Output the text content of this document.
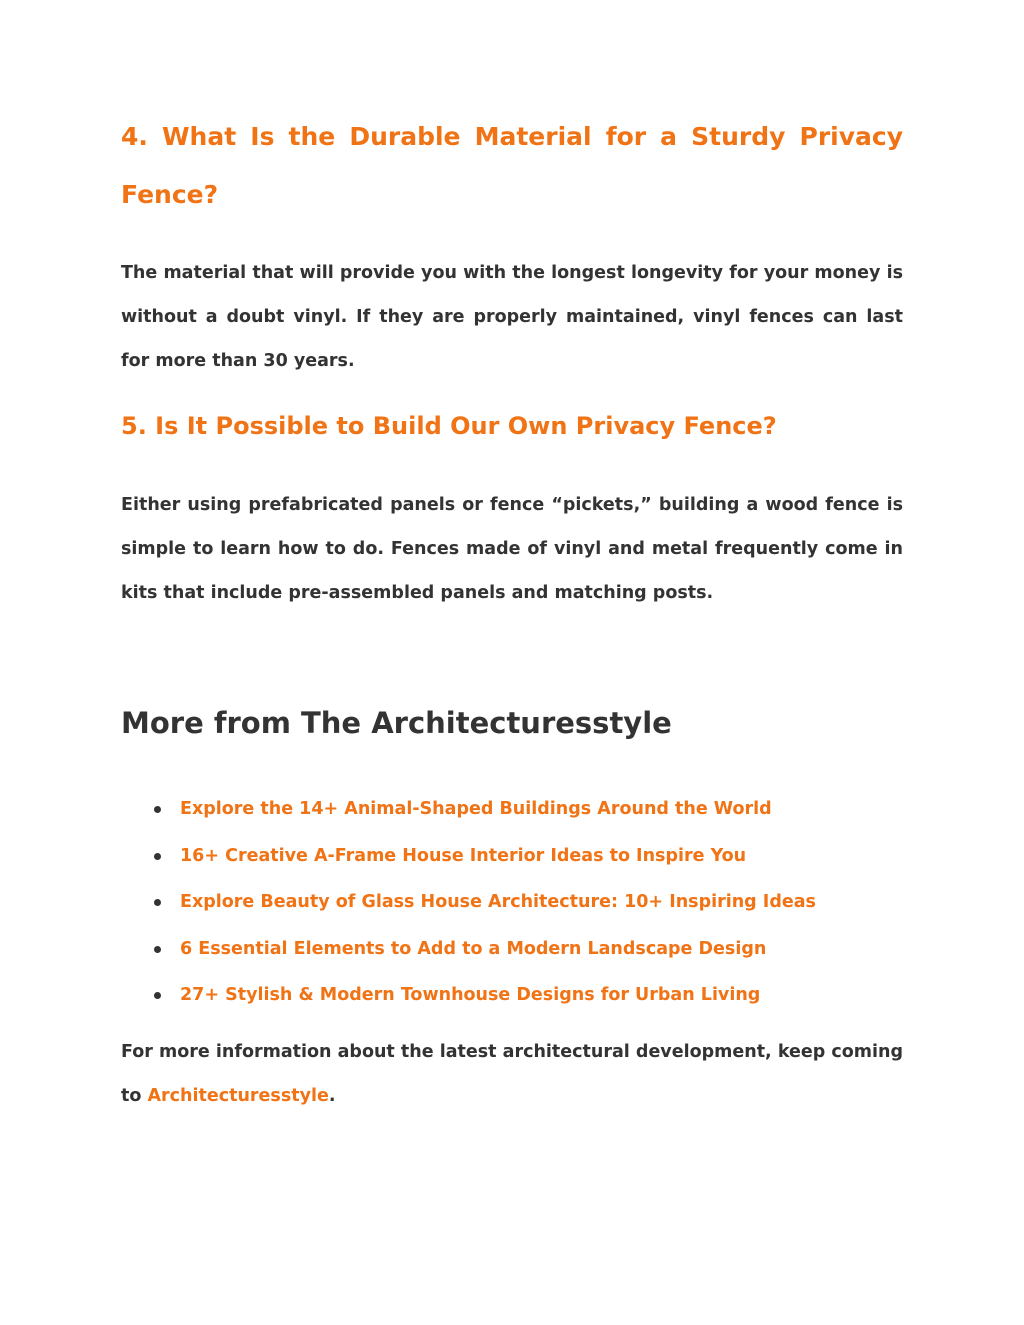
4. What Is the Durable Material for a Sturdy Privacy Fence?

The material that will provide you with the longest longevity for your money is without a doubt vinyl. If they are properly maintained, vinyl fences can last for more than 30 years.

5. Is It Possible to Build Our Own Privacy Fence?

Either using prefabricated panels or fence “pickets,” building a wood fence is simple to learn how to do. Fences made of vinyl and metal frequently come in kits that include pre-assembled panels and matching posts.

More from The Architecturesstyle
Explore the 14+ Animal-Shaped Buildings Around the World
16+ Creative A-Frame House Interior Ideas to Inspire You
Explore Beauty of Glass House Architecture: 10+ Inspiring Ideas
6 Essential Elements to Add to a Modern Landscape Design
27+ Stylish & Modern Townhouse Designs for Urban Living

For more information about the latest architectural development, keep coming to Architecturesstyle.
